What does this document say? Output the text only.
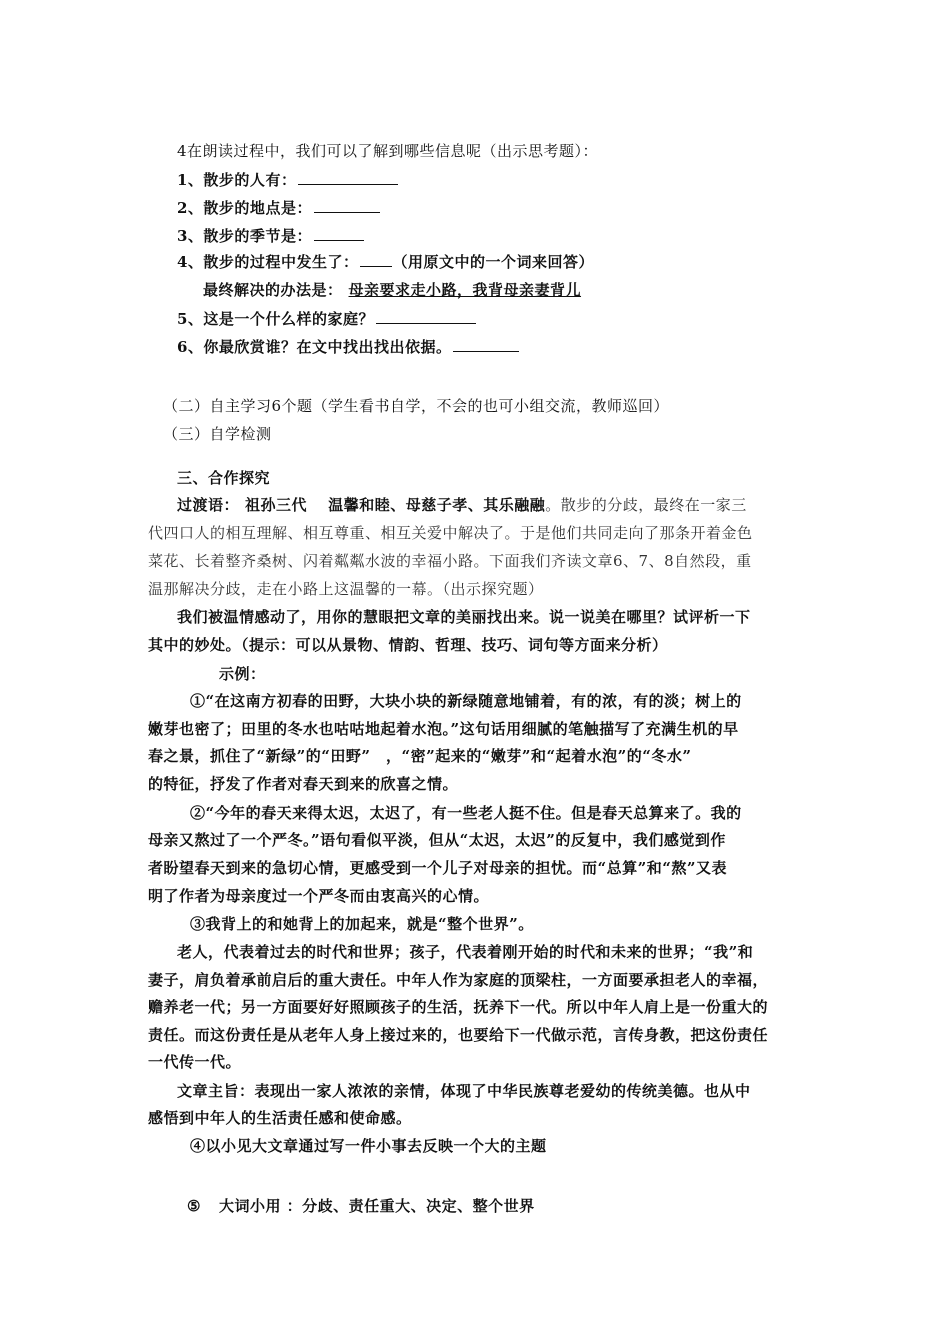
4在朗读过程中，我们可以了解到哪些信息呢（出示思考题）：
1、散步的人有：
2、散步的地点是：
3、散步的季节是：
4、散步的过程中发生了： （用原文中的一个词来回答）
最终解决的办法是： 母亲要求走小路，我背母亲妻背儿
5、这是一个什么样的家庭？
6、你最欣赏谁？在文中找出找出依据。
（二）自主学习6个题（学生看书自学，不会的也可小组交流，教师巡回）
（三）自学检测
三、合作探究
过渡语： 祖孙三代　 温馨和睦、母慈子孝、其乐融融。散步的分歧，最终在一家三
代四口人的相互理解、相互尊重、相互关爱中解决了。于是他们共同走向了那条开着金色
菜花、长着整齐桑树、闪着粼粼水波的幸福小路。下面我们齐读文章6、7、8自然段，重
温那解决分歧，走在小路上这温馨的一幕。（出示探究题）
我们被温情感动了，用你的慧眼把文章的美丽找出来。说一说美在哪里？试评析一下
其中的妙处。（提示：可以从景物、情韵、哲理、技巧、词句等方面来分析）
示例：
①“在这南方初春的田野，大块小块的新绿随意地铺着，有的浓，有的淡；树上的
嫩芽也密了；田里的冬水也咕咕地起着水泡。”这句话用细腻的笔触描写了充满生机的早
春之景，抓住了“新绿”的“田野”　，“密”起来的“嫩芽”和“起着水泡”的“冬水”
的特征，抒发了作者对春天到来的欣喜之情。
②“今年的春天来得太迟，太迟了，有一些老人挺不住。但是春天总算来了。我的
母亲又熬过了一个严冬。”语句看似平淡，但从“太迟，太迟”的反复中，我们感觉到作
者盼望春天到来的急切心情，更感受到一个儿子对母亲的担忧。而“总算”和“熬”又表
明了作者为母亲度过一个严冬而由衷高兴的心情。
③我背上的和她背上的加起来，就是“整个世界”。
老人，代表着过去的时代和世界；孩子，代表着刚开始的时代和未来的世界；“我”和
妻子，肩负着承前启后的重大责任。中年人作为家庭的顶梁柱，一方面要承担老人的幸福，
赡养老一代；另一方面要好好照顾孩子的生活，抚养下一代。所以中年人肩上是一份重大的
责任。而这份责任是从老年人身上接过来的，也要给下一代做示范，言传身教，把这份责任
一代传一代。
文章主旨：表现出一家人浓浓的亲情，体现了中华民族尊老爱幼的传统美德。也从中
感悟到中年人的生活责任感和使命感。
④以小见大文章通过写一件小事去反映一个大的主题
⑤ 大词小用 ：分歧、责任重大、决定、整个世界
